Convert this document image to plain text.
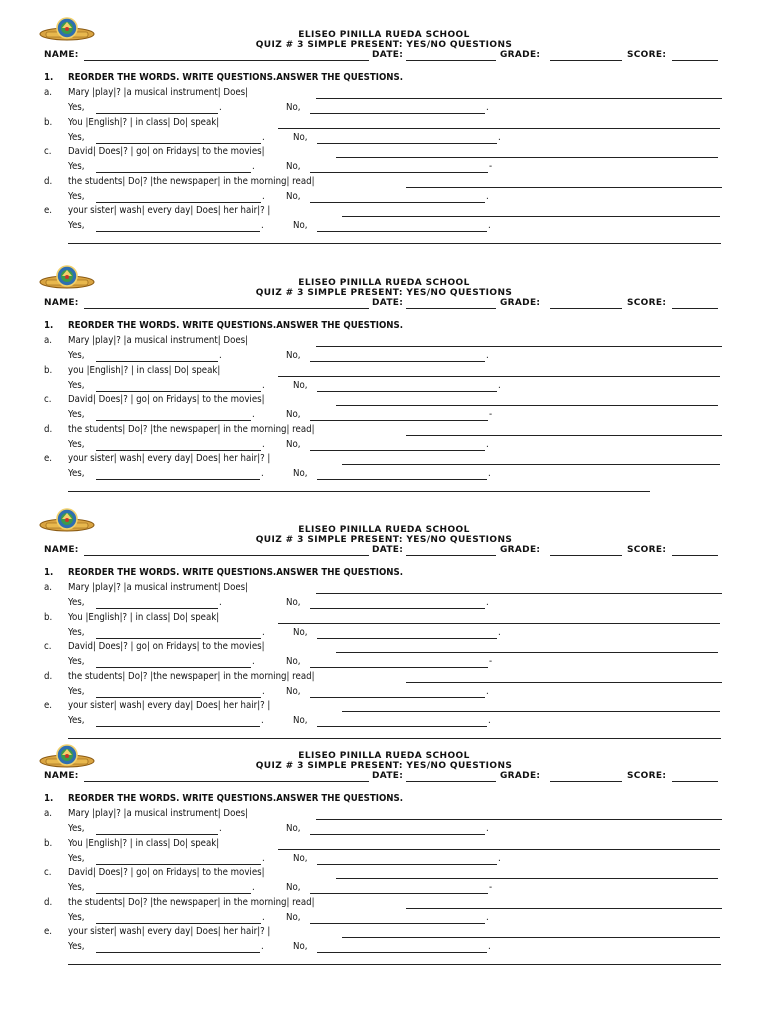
ELISEO PINILLA RUEDA SCHOOL
QUIZ # 3 SIMPLE PRESENT: YES/NO QUESTIONS
NAME:	DATE:	GRADE:	SCORE:
1. REORDER THE WORDS. WRITE QUESTIONS.ANSWER THE QUESTIONS.
a. Mary |play|? |a musical instrument| Does|
Yes,	.	No,	.
b. You |English|? | in class| Do| speak|
Yes,	.	No,	.
c. David| Does|? | go| on Fridays| to the movies|
Yes,	.	No,	-
d. the students| Do|? |the newspaper| in the morning| read|
Yes,	. No,	.
e. your sister| wash| every day| Does| her hair|? |
Yes,	.	No,	.
ELISEO PINILLA RUEDA SCHOOL
QUIZ # 3 SIMPLE PRESENT: YES/NO QUESTIONS
NAME:	DATE:	GRADE:	SCORE:
1. REORDER THE WORDS. WRITE QUESTIONS.ANSWER THE QUESTIONS.
a. Mary |play|? |a musical instrument| Does|
Yes,	.	No,	.
b. you |English|? | in class| Do| speak|
Yes,	.	No,	.
c. David| Does|? | go| on Fridays| to the movies|
Yes,	.	No,	-
d. the students| Do|? |the newspaper| in the morning| read|
Yes,	. No,	.
e. your sister| wash| every day| Does| her hair|? |
Yes,	.	No,	.
ELISEO PINILLA RUEDA SCHOOL
QUIZ # 3 SIMPLE PRESENT: YES/NO QUESTIONS
NAME:	DATE:	GRADE:	SCORE:
1. REORDER THE WORDS. WRITE QUESTIONS.ANSWER THE QUESTIONS.
a. Mary |play|? |a musical instrument| Does|
Yes,	.	No,	.
b. You |English|? | in class| Do| speak|
Yes,	.	No,	.
c. David| Does|? | go| on Fridays| to the movies|
Yes,	.	No,	-
d. the students| Do|? |the newspaper| in the morning| read|
Yes,	. No,	.
e. your sister| wash| every day| Does| her hair|? |
Yes,	.	No,	.
ELISEO PINILLA RUEDA SCHOOL
QUIZ # 3 SIMPLE PRESENT: YES/NO QUESTIONS
NAME:	DATE:	GRADE:	SCORE:
1. REORDER THE WORDS. WRITE QUESTIONS.ANSWER THE QUESTIONS.
a. Mary |play|? |a musical instrument| Does|
Yes,	.	No,	.
b. You |English|? | in class| Do| speak|
Yes,	.	No,	.
c. David| Does|? | go| on Fridays| to the movies|
Yes,	.	No,	-
d. the students| Do|? |the newspaper| in the morning| read|
Yes,	. No,	.
e. your sister| wash| every day| Does| her hair|? |
Yes,	.	No,	.
